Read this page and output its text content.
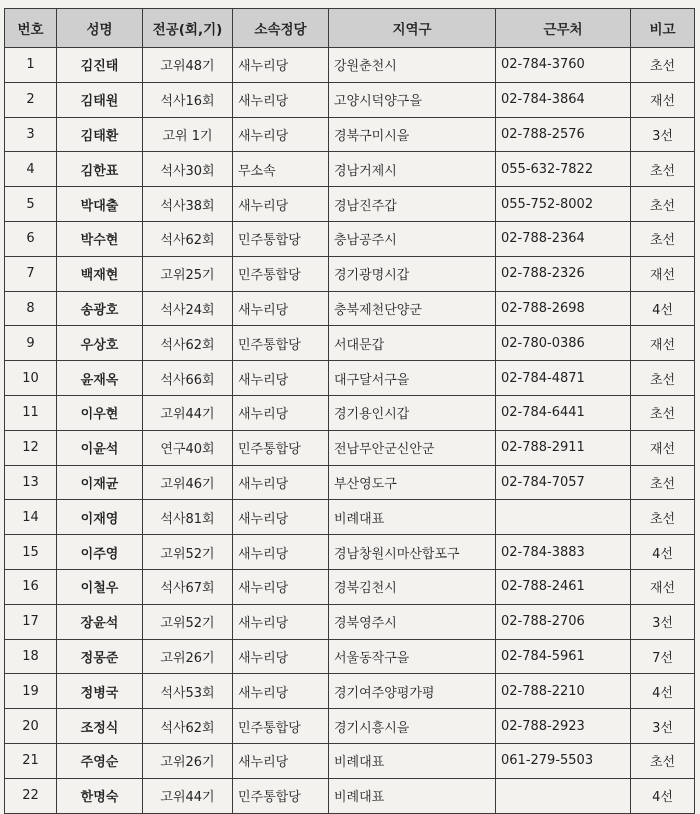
번호	성명	전공(회,기)	소속정당	지역구	근무처	비고
1	김진태	고위48기	새누리당	강원춘천시	02-784-3760	초선
2	김태원	석사16회	새누리당	고양시덕양구을	02-784-3864	재선
3	김태환	고위 1기	새누리당	경북구미시을	02-788-2576	3선
4	김한표	석사30회	무소속	경남거제시	055-632-7822	초선
5	박대출	석사38회	새누리당	경남진주갑	055-752-8002	초선
6	박수현	석사62회	민주통합당	충남공주시	02-788-2364	초선
7	백재현	고위25기	민주통합당	경기광명시갑	02-788-2326	재선
8	송광호	석사24회	새누리당	충북제천단양군	02-788-2698	4선
9	우상호	석사62회	민주통합당	서대문갑	02-780-0386	재선
10	윤재옥	석사66회	새누리당	대구달서구을	02-784-4871	초선
11	이우현	고위44기	새누리당	경기용인시갑	02-784-6441	초선
12	이윤석	연구40회	민주통합당	전남무안군신안군	02-788-2911	재선
13	이재균	고위46기	새누리당	부산영도구	02-784-7057	초선
14	이재영	석사81회	새누리당	비례대표		초선
15	이주영	고위52기	새누리당	경남창원시마산합포구	02-784-3883	4선
16	이철우	석사67회	새누리당	경북김천시	02-788-2461	재선
17	장윤석	고위52기	새누리당	경북영주시	02-788-2706	3선
18	정몽준	고위26기	새누리당	서울동작구을	02-784-5961	7선
19	정병국	석사53회	새누리당	경기여주양평가평	02-788-2210	4선
20	조정식	석사62회	민주통합당	경기시흥시을	02-788-2923	3선
21	주영순	고위26기	새누리당	비례대표	061-279-5503	초선
22	한명숙	고위44기	민주통합당	비례대표		4선
